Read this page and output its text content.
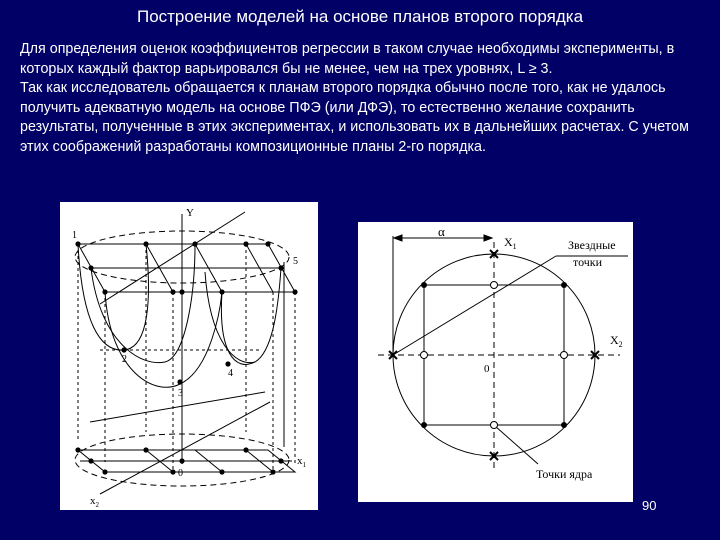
Построение моделей на основе планов второго порядка

Для определения оценок коэффициентов регрессии в таком случае необходимы эксперименты, в которых каждый фактор варьировался бы не менее, чем на трех уровнях, L ≥ 3.

Так как исследователь обращается к планам второго порядка обычно после того, как не удалось получить адекватную модель на основе ПФЭ (или ДФЭ), то естественно желание сохранить результаты, полученные в этих экспериментах, и использовать их в дальнейших расчетах. С учетом этих соображений разработаны композиционные планы 2-го порядка.

Y
1
2
3
4
5
0
$x_1$
$x_2$
α
$X_1$
$X_2$
0
Звездные
точки
Точки ядра
90
